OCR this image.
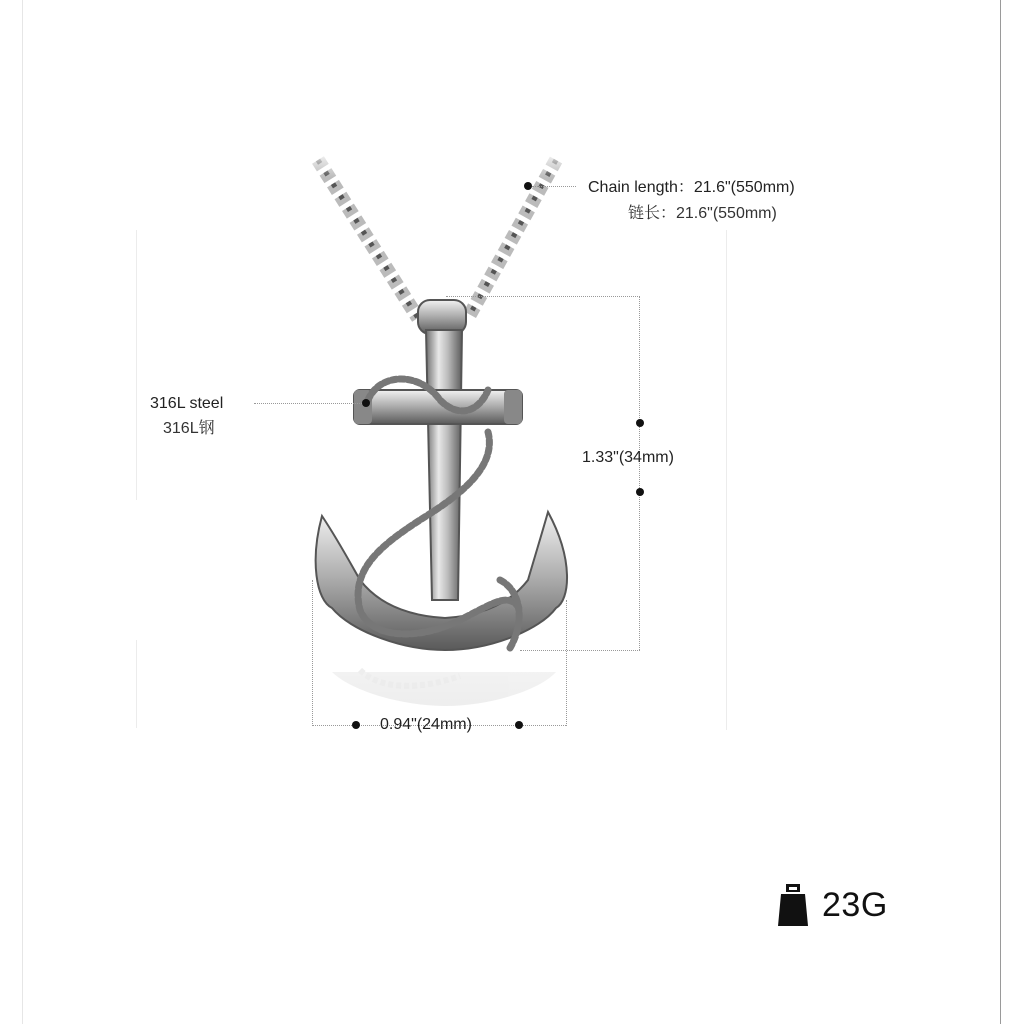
Chain length：21.6"(550mm)
链长：21.6"(550mm)
316L steel
316L钢
1.33"(34mm)
0.94"(24mm)
23G
